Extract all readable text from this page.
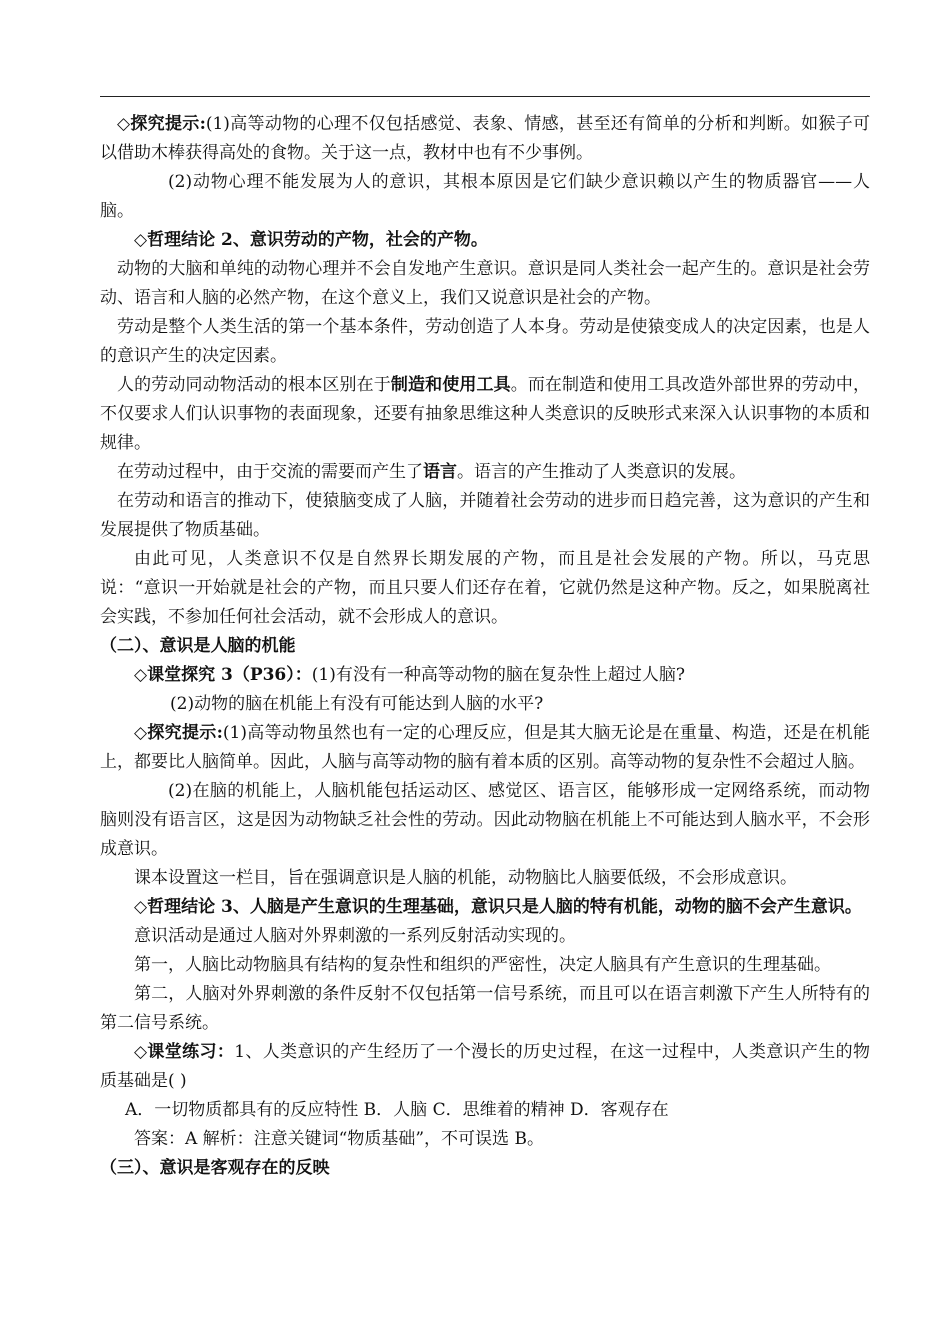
◇探究提示:(1)高等动物的心理不仅包括感觉、表象、情感，甚至还有简单的分析和判断。如猴子可以借助木棒获得高处的食物。关于这一点，教材中也有不少事例。

(2)动物心理不能发展为人的意识，其根本原因是它们缺少意识赖以产生的物质器官——人脑。

◇哲理结论 2、意识劳动的产物，社会的产物。

动物的大脑和单纯的动物心理并不会自发地产生意识。意识是同人类社会一起产生的。意识是社会劳动、语言和人脑的必然产物，在这个意义上，我们又说意识是社会的产物。

劳动是整个人类生活的第一个基本条件，劳动创造了人本身。劳动是使猿变成人的决定因素，也是人的意识产生的决定因素。

人的劳动同动物活动的根本区别在于制造和使用工具。而在制造和使用工具改造外部世界的劳动中，不仅要求人们认识事物的表面现象，还要有抽象思维这种人类意识的反映形式来深入认识事物的本质和规律。

在劳动过程中，由于交流的需要而产生了语言。语言的产生推动了人类意识的发展。

在劳动和语言的推动下，使猿脑变成了人脑，并随着社会劳动的进步而日趋完善，这为意识的产生和发展提供了物质基础。

由此可见，人类意识不仅是自然界长期发展的产物，而且是社会发展的产物。所以，马克思说：“意识一开始就是社会的产物，而且只要人们还存在着，它就仍然是这种产物。反之，如果脱离社会实践，不参加任何社会活动，就不会形成人的意识。

（二）、意识是人脑的机能

◇课堂探究 3（P36）：(1)有没有一种高等动物的脑在复杂性上超过人脑?

(2)动物的脑在机能上有没有可能达到人脑的水平?

◇探究提示:(1)高等动物虽然也有一定的心理反应，但是其大脑无论是在重量、构造，还是在机能上，都要比人脑简单。因此，人脑与高等动物的脑有着本质的区别。高等动物的复杂性不会超过人脑。

(2)在脑的机能上，人脑机能包括运动区、感觉区、语言区，能够形成一定网络系统，而动物脑则没有语言区，这是因为动物缺乏社会性的劳动。因此动物脑在机能上不可能达到人脑水平，不会形成意识。

课本设置这一栏目，旨在强调意识是人脑的机能，动物脑比人脑要低级，不会形成意识。

◇哲理结论 3、人脑是产生意识的生理基础，意识只是人脑的特有机能，动物的脑不会产生意识。

意识活动是通过人脑对外界刺激的一系列反射活动实现的。

第一，人脑比动物脑具有结构的复杂性和组织的严密性，决定人脑具有产生意识的生理基础。

第二，人脑对外界刺激的条件反射不仅包括第一信号系统，而且可以在语言刺激下产生人所特有的第二信号系统。

◇课堂练习：1、人类意识的产生经历了一个漫长的历史过程，在这一过程中，人类意识产生的物质基础是( )

A．一切物质都具有的反应特性 B．人脑 C．思维着的精神 D．客观存在

答案：A 解析：注意关键词“物质基础”，不可误选 B。

（三）、意识是客观存在的反映
